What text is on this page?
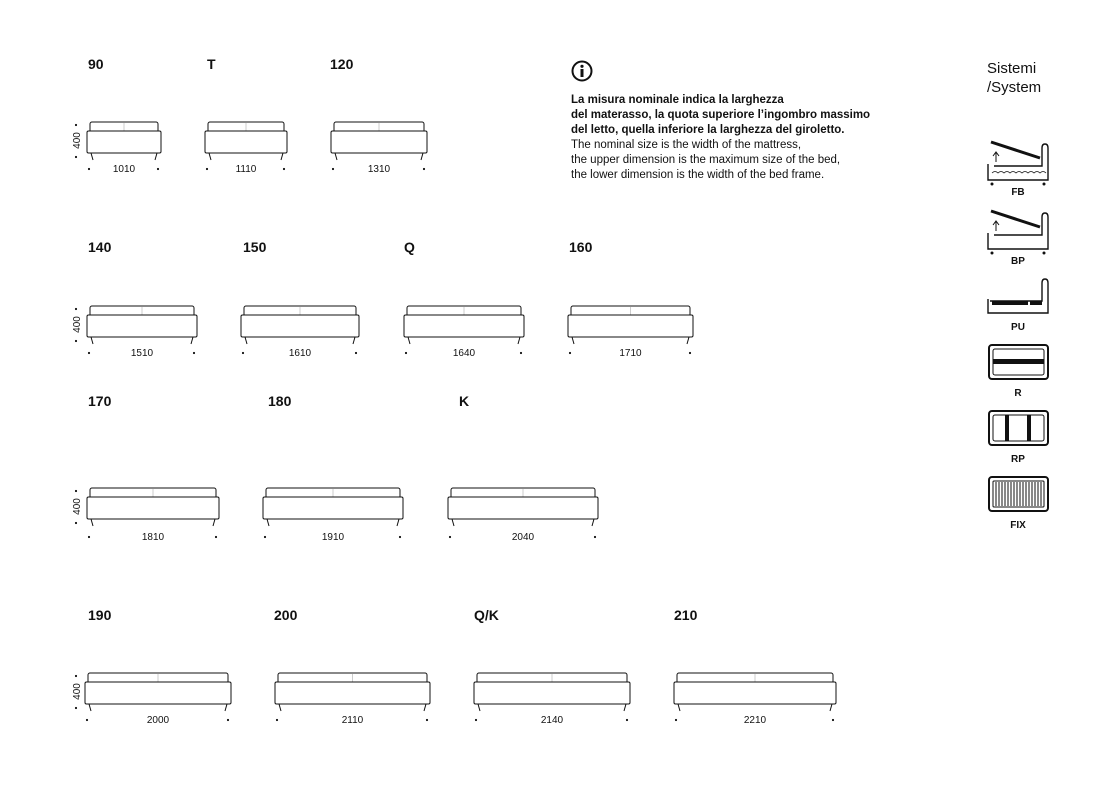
400
90
1010
T
1110
120
1310
400
140
1510
150
1610
Q
1640
160
1710
400
170
1810
180
1910
K
2040
400
190
2000
200
2110
Q/K
2140
210
2210
FB
BP
PU
R
RP
FIX
La misura nominale indica la larghezza
del materasso, la quota superiore l’ingombro massimo
del letto, quella inferiore la larghezza del giroletto.
The nominal size is the width of the mattress,
the upper dimension is the maximum size of the bed,
the lower dimension is the width of the bed frame.
Sistemi
/System
